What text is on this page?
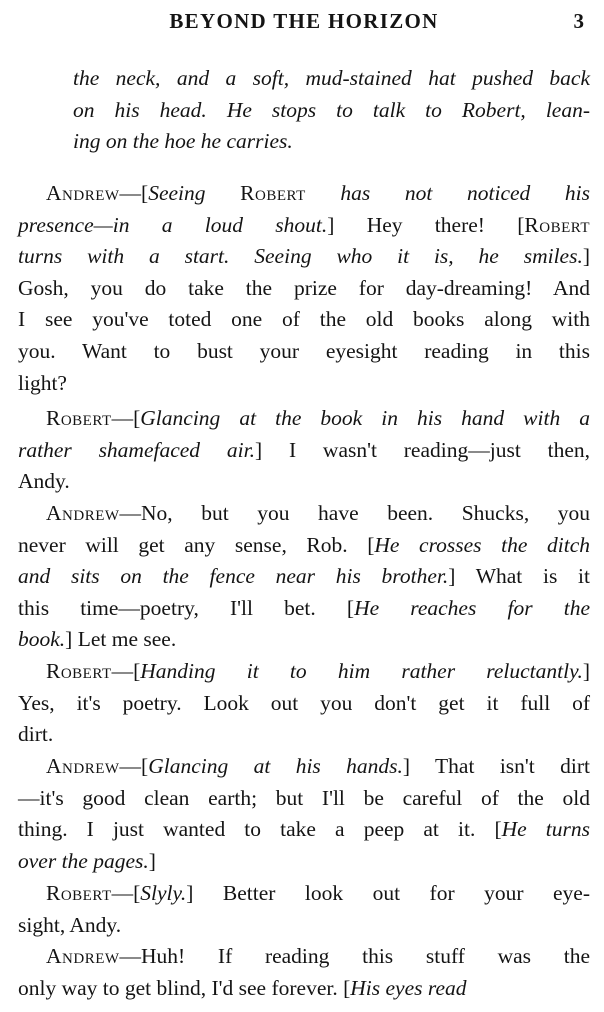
BEYOND THE HORIZON	3
the neck, and a soft, mud-stained hat pushed back
on his head. He stops to talk to Robert, lean-
ing on the hoe he carries.
Andrew—[Seeing Robert has not noticed his
presence—in a loud shout.] Hey there! [Robert
turns with a start. Seeing who it is, he smiles.]
Gosh, you do take the prize for day-dreaming! And
I see you've toted one of the old books along with
you. Want to bust your eyesight reading in this
light?
Robert—[Glancing at the book in his hand with a
rather shamefaced air.] I wasn't reading—just then,
Andy.
Andrew—No, but you have been. Shucks, you
never will get any sense, Rob. [He crosses the ditch
and sits on the fence near his brother.] What is it
this time—poetry, I'll bet. [He reaches for the
book.] Let me see.
Robert—[Handing it to him rather reluctantly.]
Yes, it's poetry. Look out you don't get it full of
dirt.
Andrew—[Glancing at his hands.] That isn't dirt
—it's good clean earth; but I'll be careful of the old
thing. I just wanted to take a peep at it. [He turns
over the pages.]
Robert—[Slyly.] Better look out for your eye-
sight, Andy.
Andrew—Huh! If reading this stuff was the
only way to get blind, I'd see forever. [His eyes read
